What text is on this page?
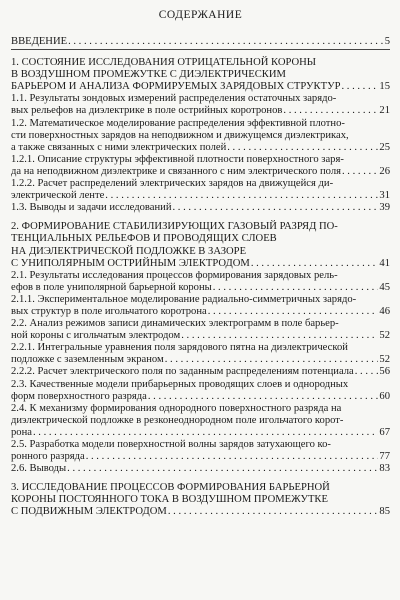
СОДЕРЖАНИЕ
ВВЕДЕНИЕ . . .	5
1. СОСТОЯНИЕ ИССЛЕДОВАНИЯ ОТРИЦАТЕЛЬНОЙ КОРОНЫ
В ВОЗДУШНОМ ПРОМЕЖУТКЕ С ДИЭЛЕКТРИЧЕСКИМ
БАРЬЕРОМ И АНАЛИЗА ФОРМИРУЕМЫХ ЗАРЯДОВЫХ СТРУКТУР . . .	15
1.1. Результаты зондовых измерений распределения остаточных зарядо-
вых рельефов на диэлектрике в поле острийных коротронов . . .	21
1.2. Математическое моделирование распределения эффективной плотно-
сти поверхностных зарядов на неподвижном и движущемся диэлектриках,
а также связанных с ними электрических полей . . .	25
1.2.1. Описание структуры эффективной плотности поверхностного заря-
да на неподвижном диэлектрике и связанного с ним электрического поля . . .	26
1.2.2. Расчет распределений электрических зарядов на движущейся ди-
электрической ленте . . .	31
1.3. Выводы и задачи исследований . . .	39
2. ФОРМИРОВАНИЕ СТАБИЛИЗИРУЮЩИХ ГАЗОВЫЙ РАЗРЯД ПО-
ТЕНЦИАЛЬНЫХ РЕЛЬЕФОВ И ПРОВОДЯЩИХ СЛОЕВ
НА ДИЭЛЕКТРИЧЕСКОЙ ПОДЛОЖКЕ В ЗАЗОРЕ
С УНИПОЛЯРНЫМ ОСТРИЙНЫМ ЭЛЕКТРОДОМ . . .	41
2.1. Результаты исследования процессов формирования зарядовых рель-
ефов в поле униполярной барьерной короны . . .	45
2.1.1. Экспериментальное моделирование радиально-симметричных зарядо-
вых структур в поле игольчатого коротрона . . .	46
2.2. Анализ режимов записи динамических электрограмм в поле барьер-
ной короны с игольчатым электродом . . .	52
2.2.1. Интегральные уравнения поля зарядового пятна на диэлектрической
подложке с заземленным экраном . . .	52
2.2.2. Расчет электрического поля по заданным распределениям потенциала . . . 56
2.3. Качественные модели прибарьерных проводящих слоев и однородных
форм поверхностного разряда . . .	60
2.4. К механизму формирования однородного поверхностного разряда на
диэлектрической подложке в резконеоднородном поле игольчатого корот-
рона . . .	67
2.5. Разработка модели поверхностной волны зарядов затухающего ко-
ронного разряда . . .	77
2.6. Выводы . . .	83
3. ИССЛЕДОВАНИЕ ПРОЦЕССОВ ФОРМИРОВАНИЯ БАРЬЕРНОЙ
КОРОНЫ ПОСТОЯННОГО ТОКА В ВОЗДУШНОМ ПРОМЕЖУТКЕ
С ПОДВИЖНЫМ ЭЛЕКТРОДОМ . . .	85
